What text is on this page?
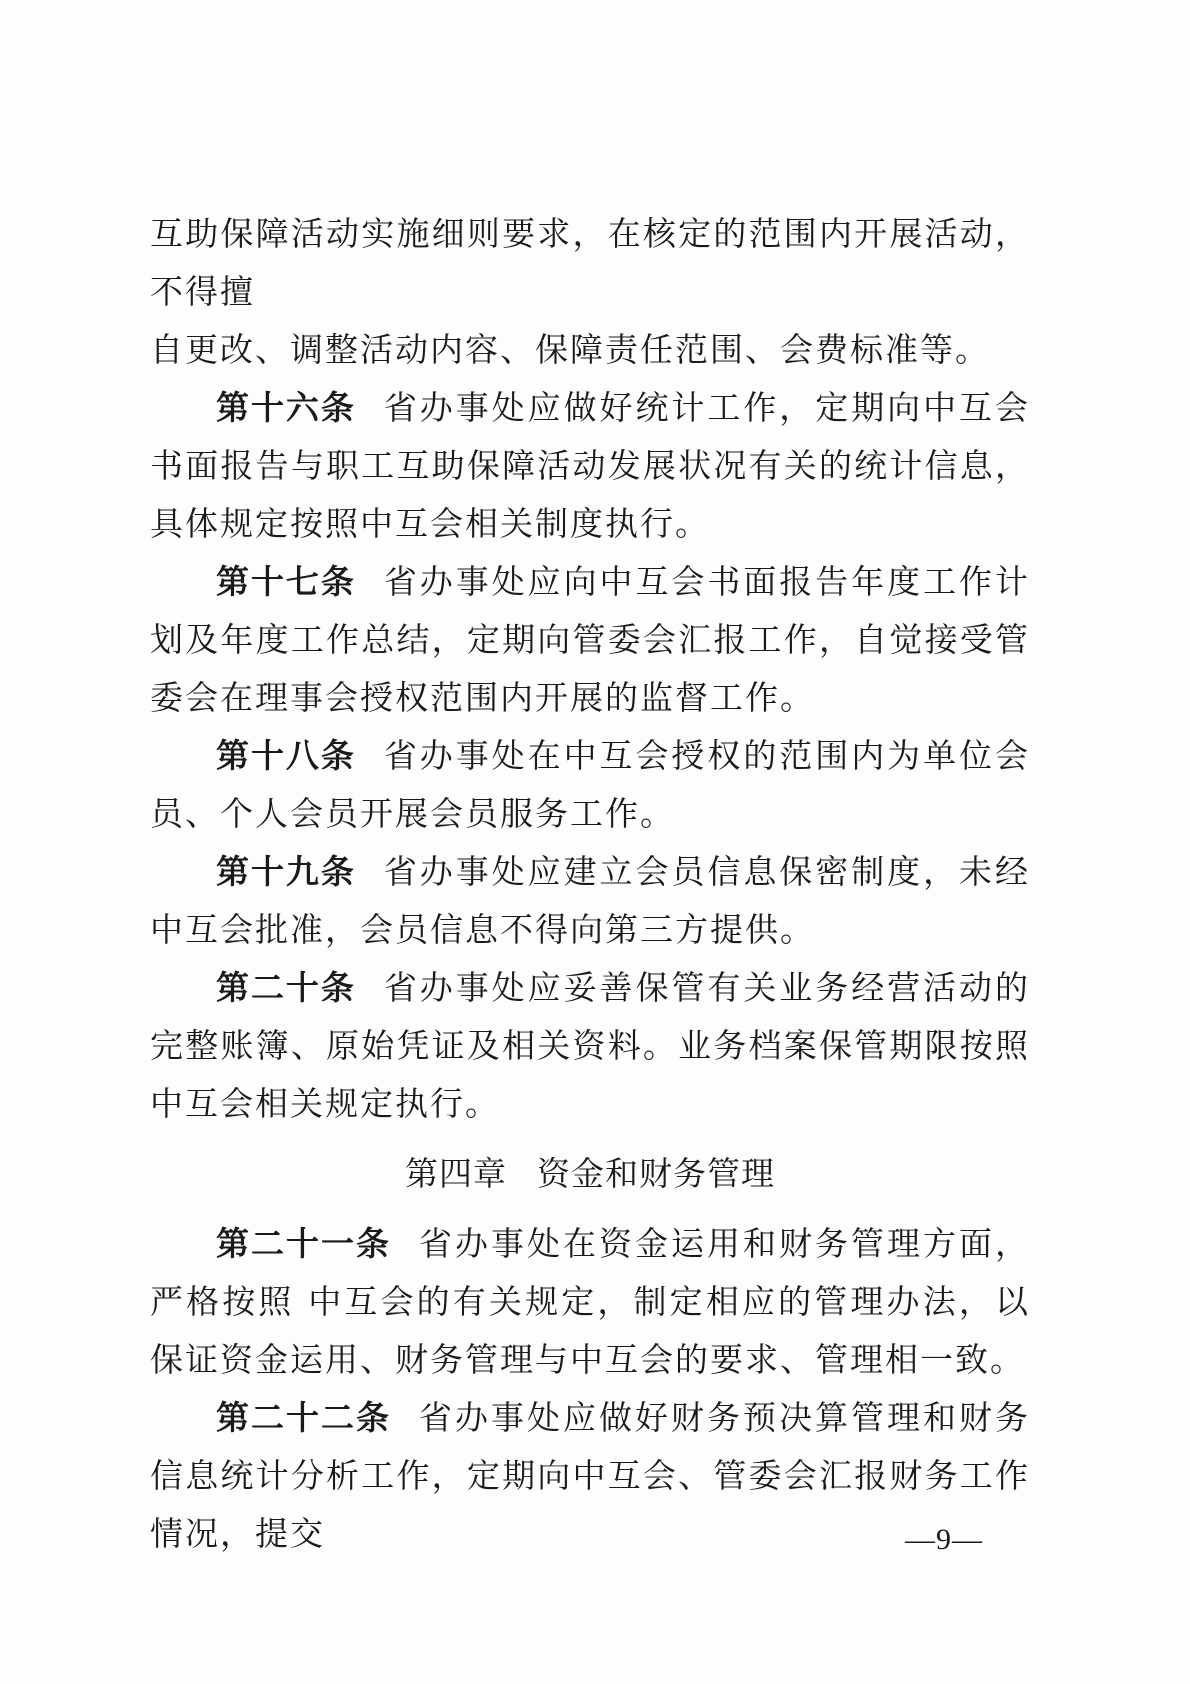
互助保障活动实施细则要求，在核定的范围内开展活动，不得擅
自更改、调整活动内容、保障责任范围、会费标准等。

第十六条 省办事处应做好统计工作，定期向中互会书面报告与职工互助保障活动发展状况有关的统计信息，具体规定按照中互会相关制度执行。

第十七条 省办事处应向中互会书面报告年度工作计划及年度工作总结，定期向管委会汇报工作，自觉接受管委会在理事会授权范围内开展的监督工作。

第十八条 省办事处在中互会授权的范围内为单位会员、个人会员开展会员服务工作。

第十九条 省办事处应建立会员信息保密制度，未经中互会批准，会员信息不得向第三方提供。

第二十条 省办事处应妥善保管有关业务经营活动的完整账簿、原始凭证及相关资料。业务档案保管期限按照中互会相关规定执行。

第四章 资金和财务管理

第二十一条 省办事处在资金运用和财务管理方面，严格按照 中互会的有关规定，制定相应的管理办法，以保证资金运用、财务管理与中互会的要求、管理相一致。

第二十二条 省办事处应做好财务预决算管理和财务信息统计分析工作，定期向中互会、管委会汇报财务工作情况，提交	—9—
